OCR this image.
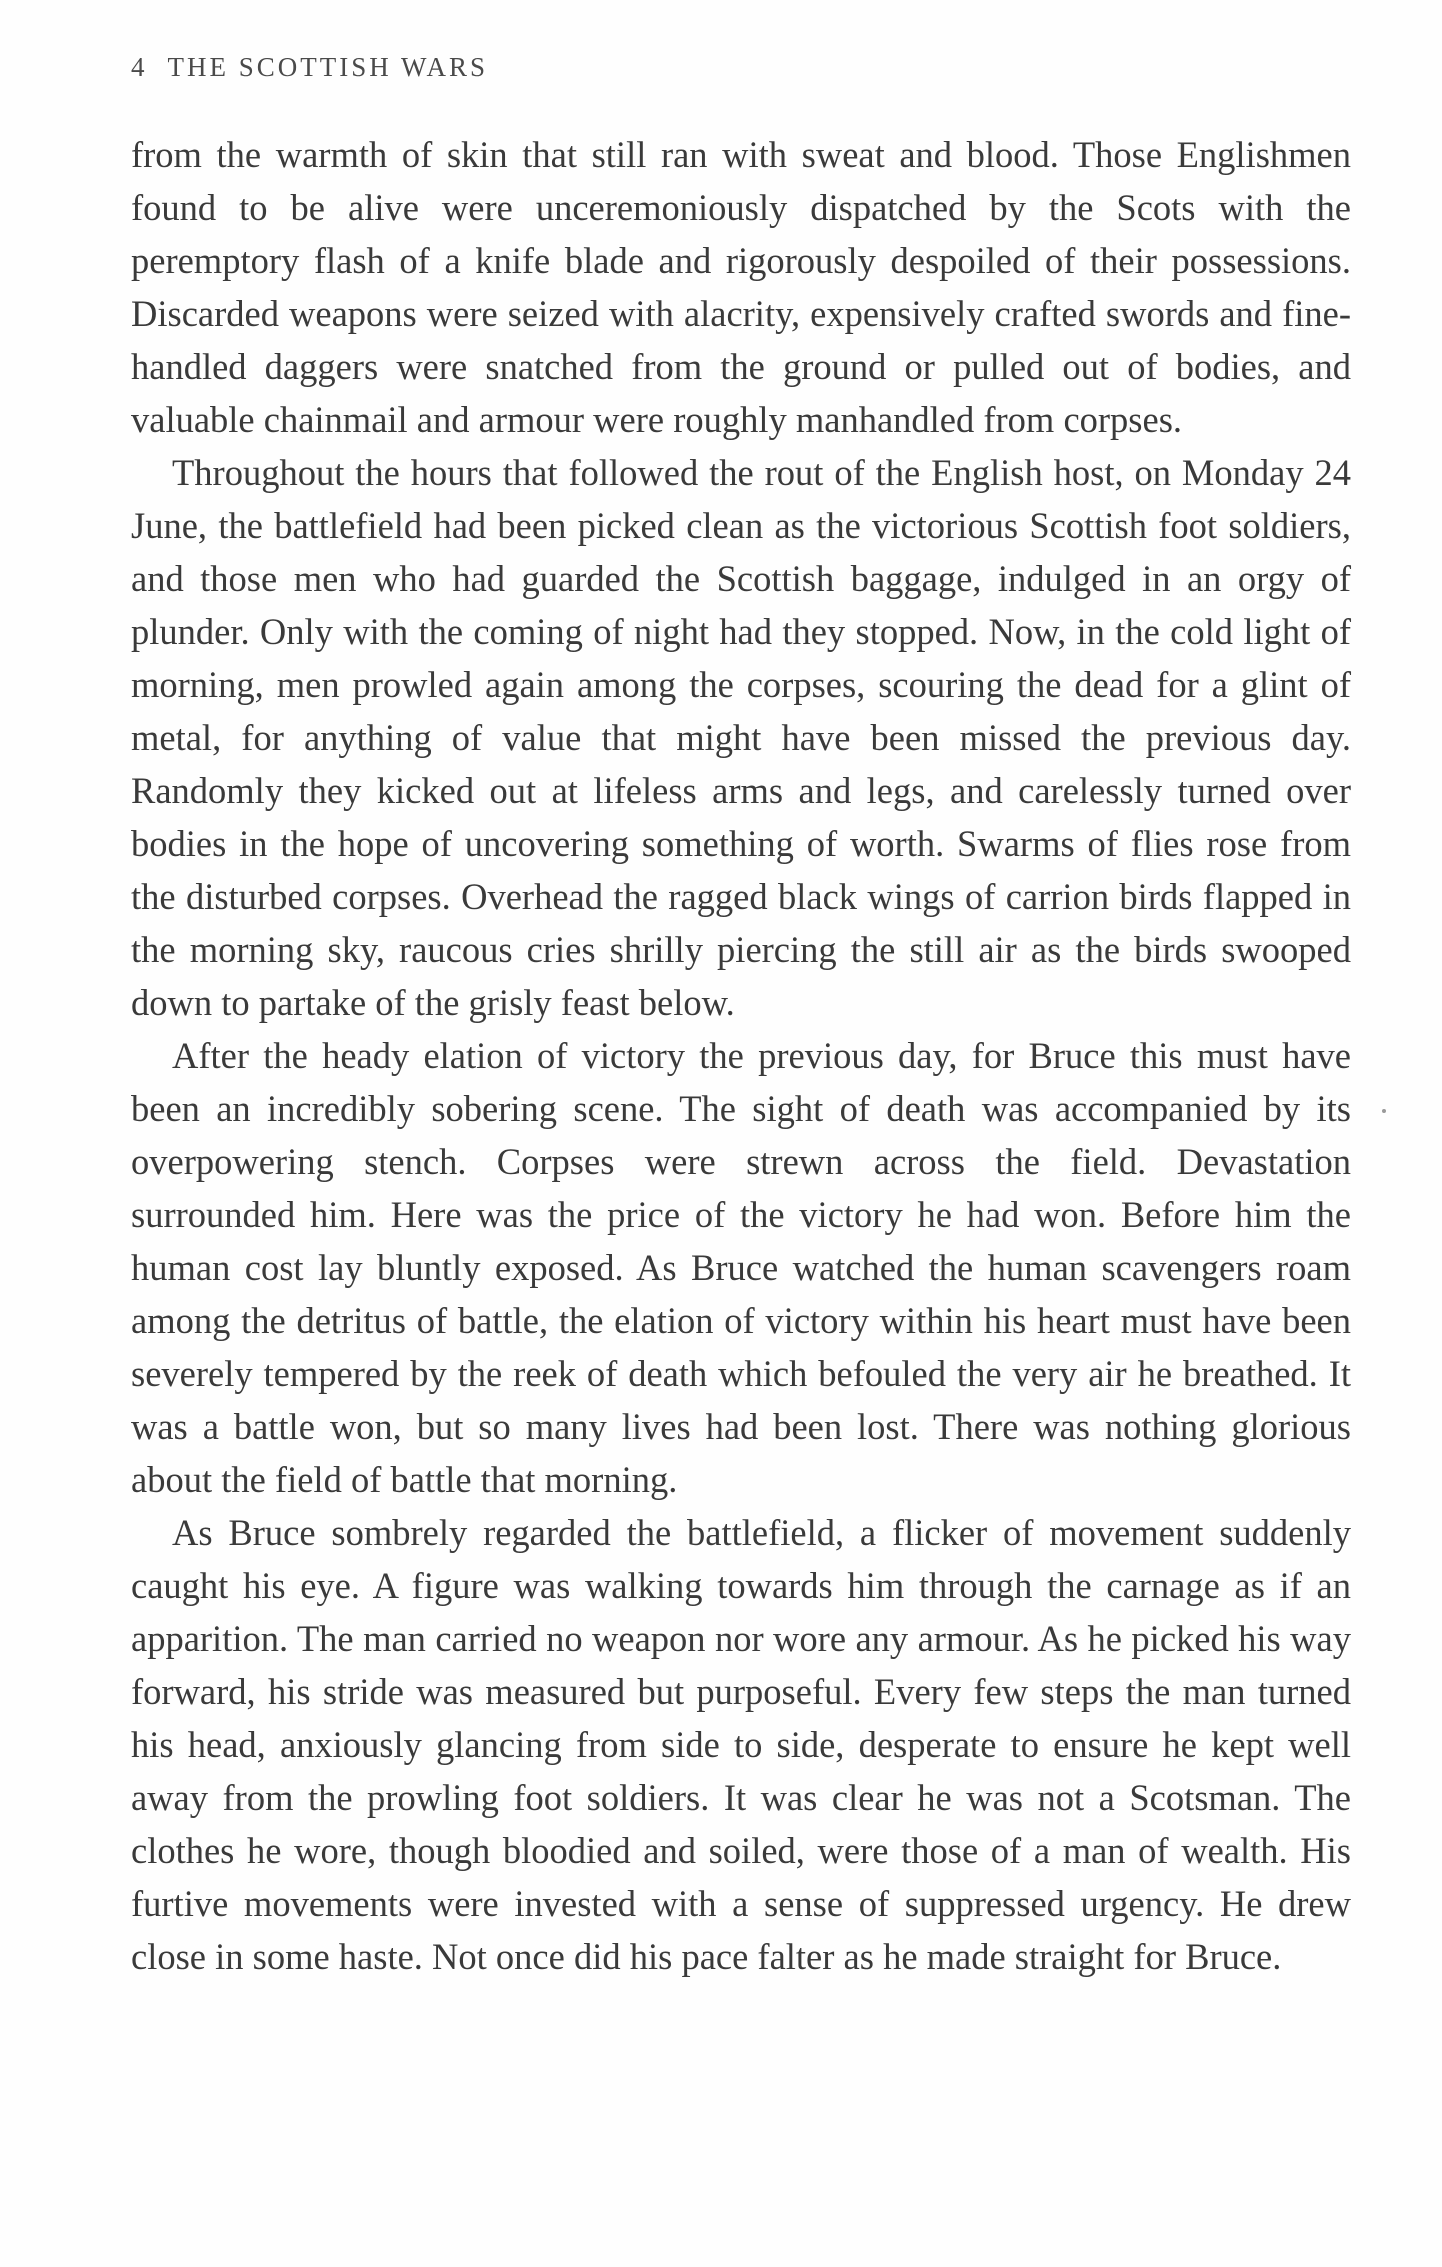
4 THE SCOTTISH WARS

from the warmth of skin that still ran with sweat and blood. Those Englishmen found to be alive were unceremoniously dispatched by the Scots with the peremptory flash of a knife blade and rigorously despoiled of their possessions. Discarded weapons were seized with alacrity, expensively crafted swords and fine-handled daggers were snatched from the ground or pulled out of bodies, and valuable chainmail and armour were roughly manhandled from corpses.

Throughout the hours that followed the rout of the English host, on Monday 24 June, the battlefield had been picked clean as the victorious Scottish foot soldiers, and those men who had guarded the Scottish baggage, indulged in an orgy of plunder. Only with the coming of night had they stopped. Now, in the cold light of morning, men prowled again among the corpses, scouring the dead for a glint of metal, for anything of value that might have been missed the previous day. Randomly they kicked out at lifeless arms and legs, and carelessly turned over bodies in the hope of uncovering something of worth. Swarms of flies rose from the disturbed corpses. Overhead the ragged black wings of carrion birds flapped in the morning sky, raucous cries shrilly piercing the still air as the birds swooped down to partake of the grisly feast below.

After the heady elation of victory the previous day, for Bruce this must have been an incredibly sobering scene. The sight of death was accompanied by its overpowering stench. Corpses were strewn across the field. Devastation surrounded him. Here was the price of the victory he had won. Before him the human cost lay bluntly exposed. As Bruce watched the human scavengers roam among the detritus of battle, the elation of victory within his heart must have been severely tempered by the reek of death which befouled the very air he breathed. It was a battle won, but so many lives had been lost. There was nothing glorious about the field of battle that morning.

As Bruce sombrely regarded the battlefield, a flicker of movement suddenly caught his eye. A figure was walking towards him through the carnage as if an apparition. The man carried no weapon nor wore any armour. As he picked his way forward, his stride was measured but purposeful. Every few steps the man turned his head, anxiously glancing from side to side, desperate to ensure he kept well away from the prowling foot soldiers. It was clear he was not a Scotsman. The clothes he wore, though bloodied and soiled, were those of a man of wealth. His furtive movements were invested with a sense of suppressed urgency. He drew close in some haste. Not once did his pace falter as he made straight for Bruce.
